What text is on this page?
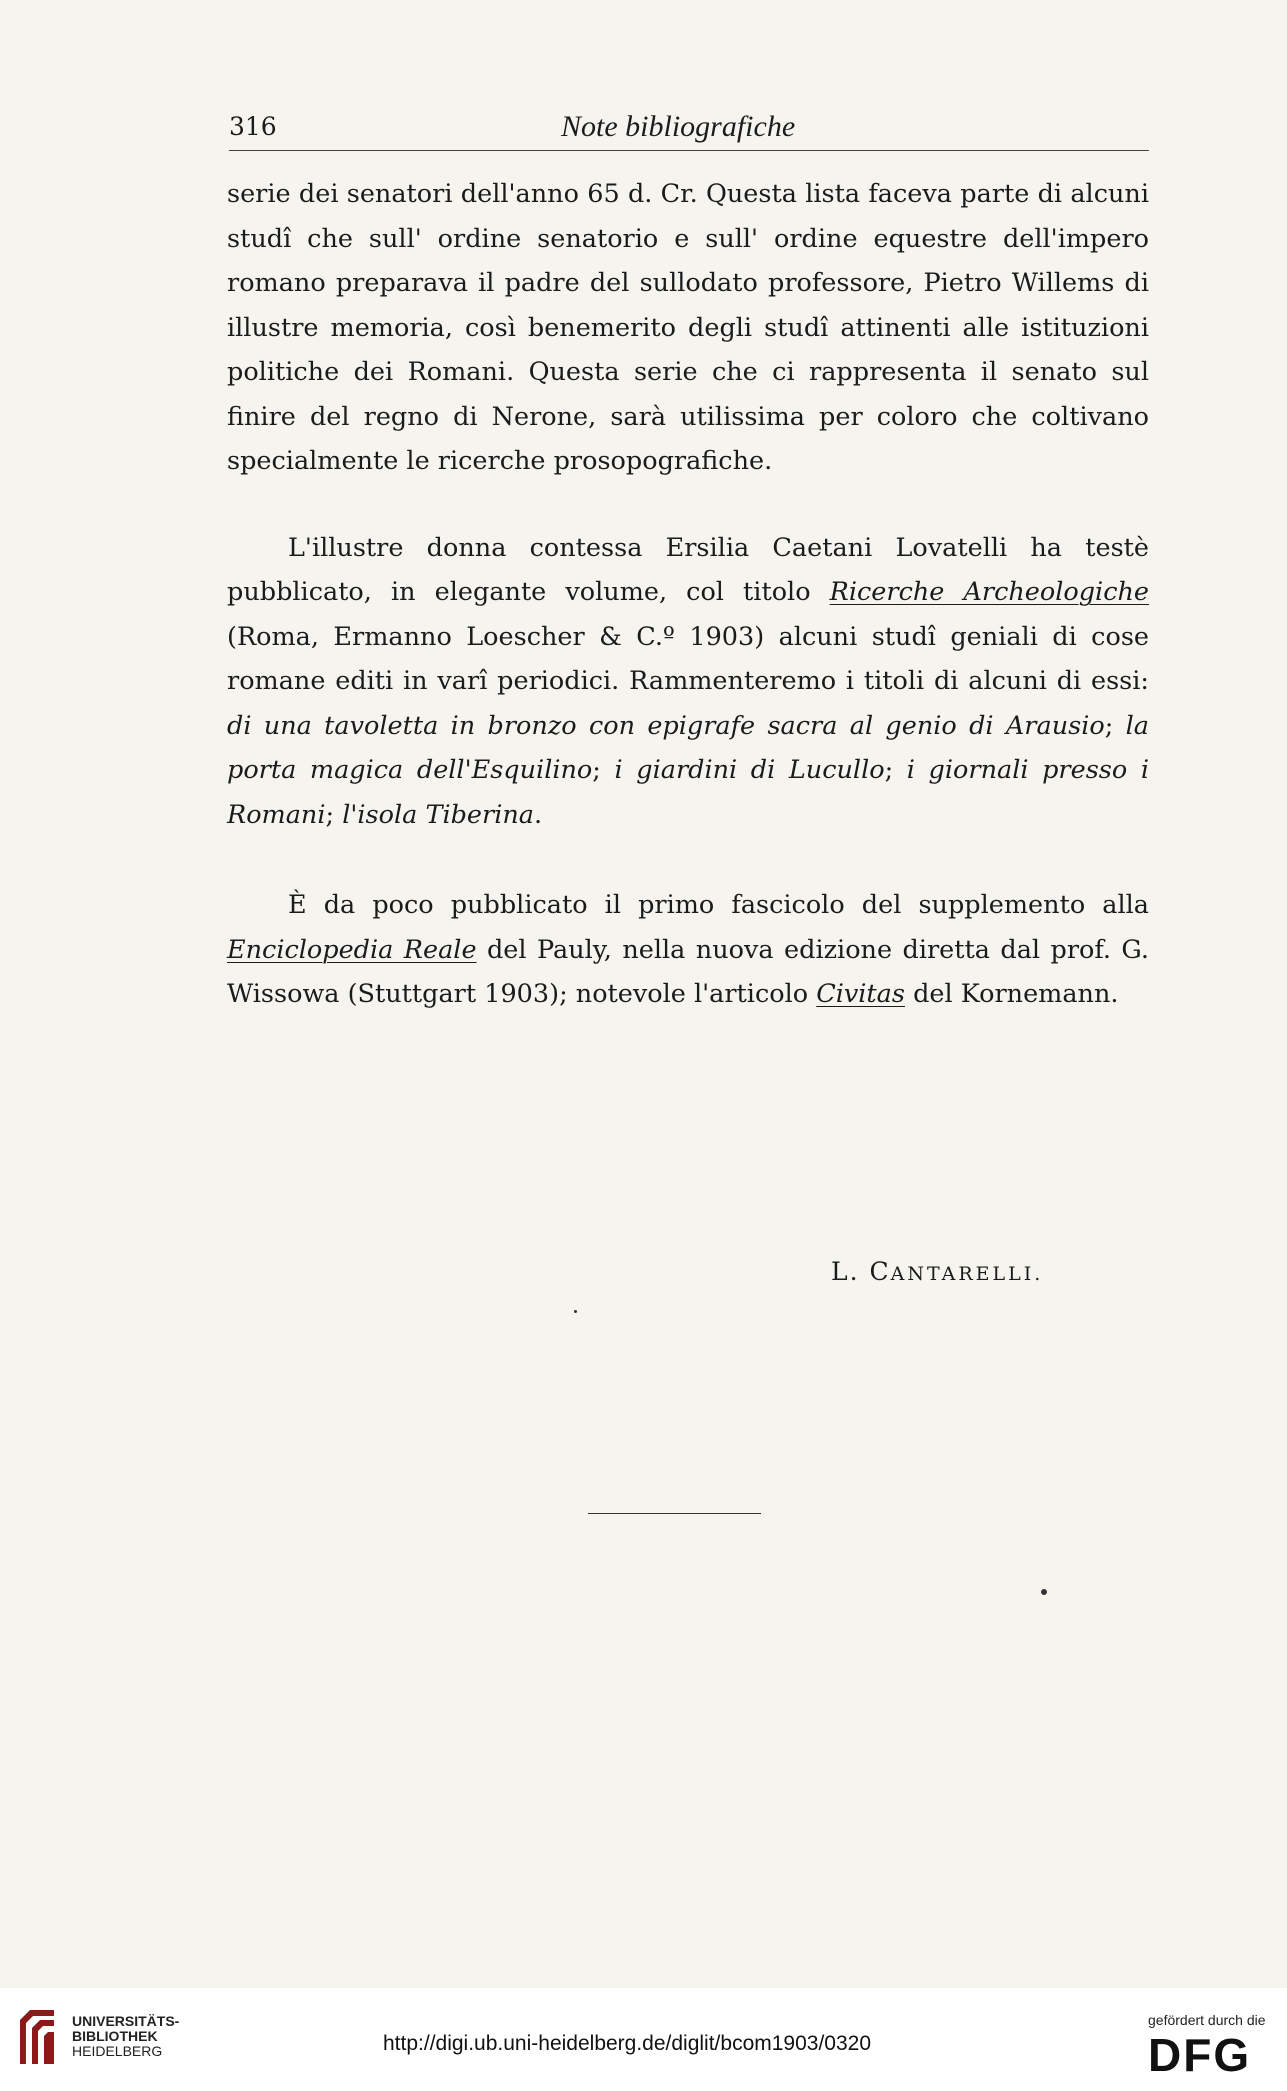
316	Note bibliografiche

serie dei senatori dell'anno 65 d. Cr. Questa lista faceva parte di alcuni studî che sull' ordine senatorio e sull' ordine equestre dell'impero romano preparava il padre del sullodato professore, Pietro Willems di illustre memoria, così benemerito degli studî attinenti alle istituzioni politiche dei Romani. Questa serie che ci rappresenta il senato sul finire del regno di Nerone, sarà utilissima per coloro che coltivano specialmente le ricerche prosopografiche.

L'illustre donna contessa Ersilia Caetani Lovatelli ha testè pubblicato, in elegante volume, col titolo Ricerche Archeologiche (Roma, Ermanno Loescher & C.º 1903) alcuni studî geniali di cose romane editi in varî periodici. Rammenteremo i titoli di alcuni di essi: di una tavoletta in bronzo con epigrafe sacra al genio di Arausio; la porta magica dell'Esquilino; i giardini di Lucullo; i giornali presso i Romani; l'isola Tiberina.

È da poco pubblicato il primo fascicolo del supplemento alla Enciclopedia Reale del Pauly, nella nuova edizione diretta dal prof. G. Wissowa (Stuttgart 1903); notevole l'articolo Civitas del Kornemann.

L. CANTARELLI.
UNIVERSITÄTS-
BIBLIOTHEK
HEIDELBERG	http://digi.ub.uni-heidelberg.de/diglit/bcom1903/0320
gefördert durch die
DFG
